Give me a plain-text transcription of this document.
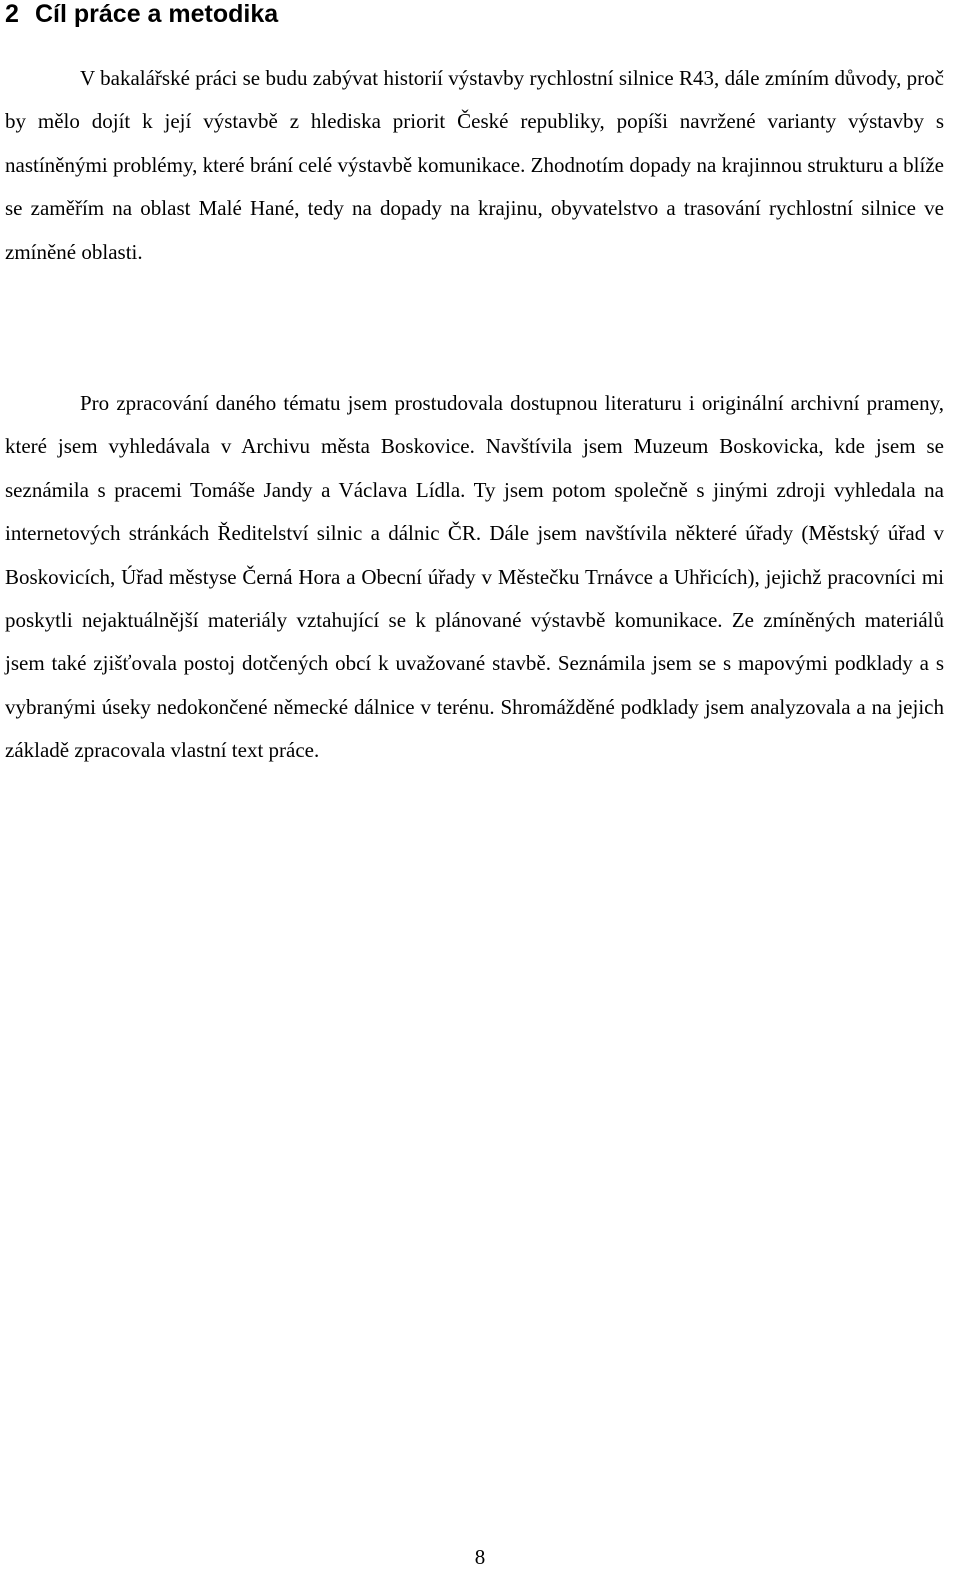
2 Cíl práce a metodika

V bakalářské práci se budu zabývat historií výstavby rychlostní silnice R43, dále zmíním důvody, proč by mělo dojít k její výstavbě z hlediska priorit České republiky, popíši navržené varianty výstavby s nastíněnými problémy, které brání celé výstavbě komunikace. Zhodnotím dopady na krajinnou strukturu a blíže se zaměřím na oblast Malé Hané, tedy na dopady na krajinu, obyvatelstvo a trasování rychlostní silnice ve zmíněné oblasti.

Pro zpracování daného tématu jsem prostudovala dostupnou literaturu i originální archivní prameny, které jsem vyhledávala v Archivu města Boskovice. Navštívila jsem Muzeum Boskovicka, kde jsem se seznámila s pracemi Tomáše Jandy a Václava Lídla. Ty jsem potom společně s jinými zdroji vyhledala na internetových stránkách Ředitelství silnic a dálnic ČR. Dále jsem navštívila některé úřady (Městský úřad v Boskovicích, Úřad městyse Černá Hora a Obecní úřady v Městečku Trnávce a Uhřicích), jejichž pracovníci mi poskytli nejaktuálnější materiály vztahující se k plánované výstavbě komunikace. Ze zmíněných materiálů jsem také zjišťovala postoj dotčených obcí k uvažované stavbě. Seznámila jsem se s mapovými podklady a s vybranými úseky nedokončené německé dálnice v terénu. Shromážděné podklady jsem analyzovala a na jejich základě zpracovala vlastní text práce.

8
